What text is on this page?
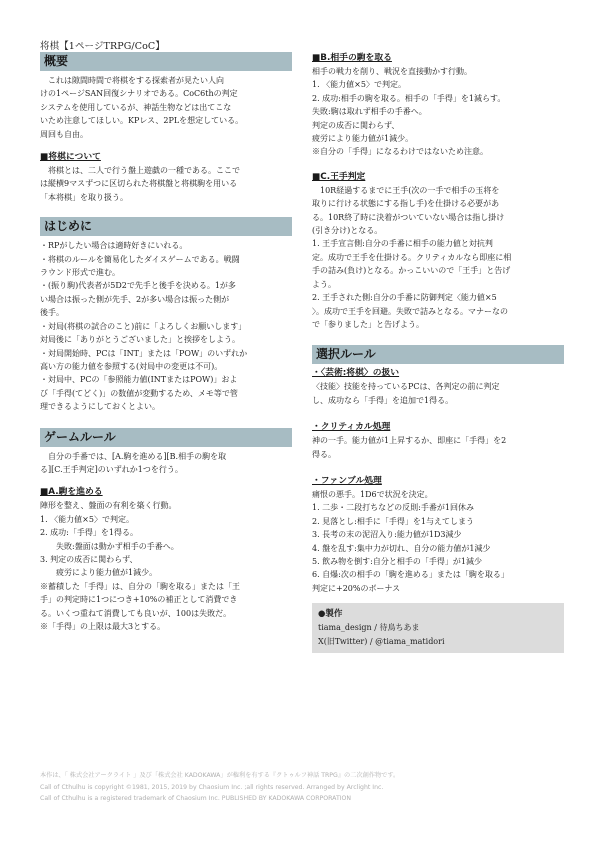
将棋【1ページTRPG/CoC】
概要
　これは隙間時間で将棋をする探索者が見たい人向
けの1ページSAN回復シナリオである。CoC6thの判定
システムを使用しているが、神話生物などは出てこな
いため注意してほしい。KPレス、2PLを想定している。
周回も自由。
■将棋について
　将棋とは、二人で行う盤上遊戯の一種である。ここで
は縦横9マスずつに区切られた将棋盤と将棋駒を用いる
「本将棋」を取り扱う。
はじめに
・RPがしたい場合は適時好きにいれる。
・将棋のルールを簡易化したダイスゲームである。戦闘
ラウンド形式で進む。
・(振り駒)代表者が5D2で先手と後手を決める。1が多
い場合は振った側が先手、2が多い場合は振った側が
後手。
・対局(将棋の試合のこと)前に「よろしくお願いします」
対局後に「ありがとうございました」と挨拶をしよう。
・対局開始時、PCは「INT」または「POW」のいずれか
高い方の能力値を参照する(対局中の変更は不可)。
・対局中、PCの「参照能力値(INTまたはPOW)」およ
び「手得(てどく)」の数値が変動するため、メモ等で管
理できるようにしておくとよい。
ゲームルール
　自分の手番では、[A.駒を進める][B.相手の駒を取
る][C.王手判定]のいずれか1つを行う。
■A.駒を進める
陣形を整え、盤面の有利を築く行動。
1. 〈能力値×5〉で判定。
2. 成功:「手得」を1得る。
　　失敗:盤面は動かず相手の手番へ。
3. 判定の成否に関わらず、
　　疲労により能力値が1減少。
※蓄積した「手得」は、自分の「駒を取る」または「王
手」の判定時に1つにつき+10%の補正として消費でき
る。いくつ重ねて消費しても良いが、100は失敗だ。
※「手得」の上限は最大3とする。
■B.相手の駒を取る
相手の戦力を削り、戦況を直接動かす行動。
1. 〈能力値×5〉で判定。
2. 成功:相手の駒を取る。相手の「手得」を1減らす。
失敗:駒は取れず相手の手番へ。
判定の成否に関わらず、
疲労により能力値が1減少。
※自分の「手得」になるわけではないため注意。
■C.王手判定
　10R経過するまでに王手(次の一手で相手の玉将を
取りに行ける状態にする指し手)を仕掛ける必要があ
る。10R終了時に決着がついていない場合は指し掛け
(引き分け)となる。
1. 王手宣言側:自分の手番に相手の能力値と対抗判
定。成功で王手を仕掛ける。クリティカルなら即座に相
手の詰み(負け)となる。かっこいいので「王手」と告げ
よう。
2. 王手された側:自分の手番に防御判定〈能力値×5
〉。成功で王手を回避。失敗で詰みとなる。マナーなの
で「参りました」と告げよう。
選択ルール
・〈芸術:将棋〉の扱い
〈技能〉技能を持っているPCは、各判定の前に判定
し、成功なら「手得」を追加で1得る。
・クリティカル処理
神の一手。能力値が1上昇するか、即座に「手得」を2
得る。
・ファンブル処理
痛恨の悪手。1D6で状況を決定。
1. 二歩・二段打ちなどの反則:手番が1回休み
2. 見落とし:相手に「手得」を1与えてしまう
3. 長考の末の泥沼入り:能力値が1D3減少
4. 盤を乱す:集中力が切れ、自分の能力値が1減少
5. 飲み物を倒す:自分と相手の「手得」が1減少
6. 自爆:次の相手の「駒を進める」または「駒を取る」
判定に+20%のボーナス
●製作
tiama_design / 待鳥ちあま
X(旧Twitter) / @tiama_matidori
本作は、「 株式会社アークライト 」及び「株式会社 KADOKAWA」が権利を有する『クトゥルフ神話 TRPG』の二次創作物です。
Call of Cthulhu is copyright ©1981, 2015, 2019 by Chaosium Inc. ;all rights reserved. Arranged by Arclight Inc.
Call of Cthulhu is a registered trademark of Chaosium Inc. PUBLISHED BY KADOKAWA CORPORATION
